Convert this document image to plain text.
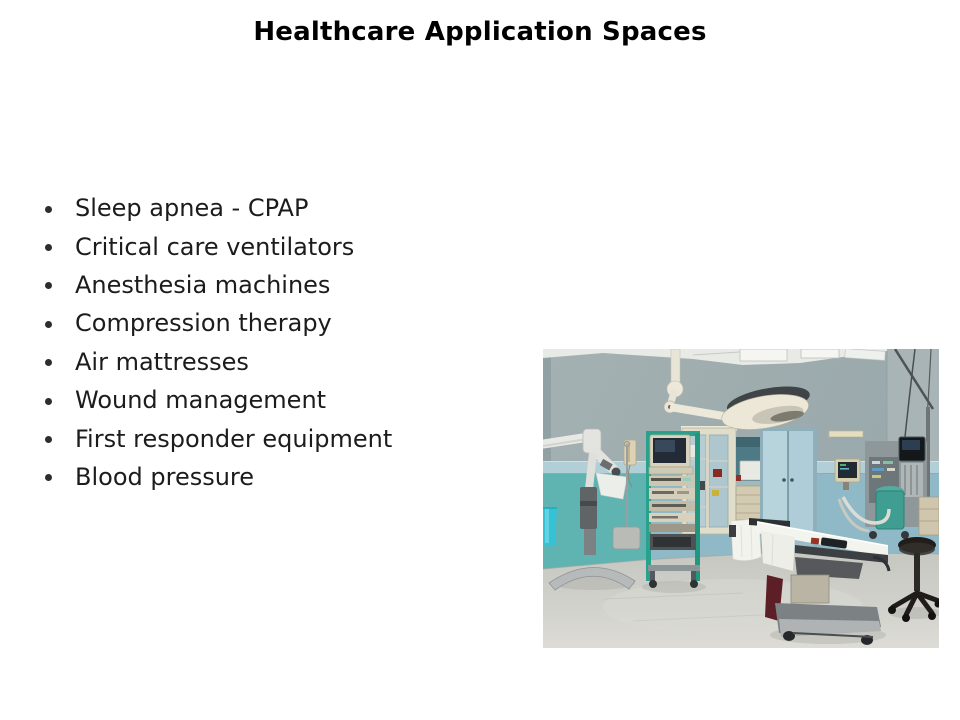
Healthcare Application Spaces
Sleep apnea - CPAP
Critical care ventilators
Anesthesia machines
Compression therapy
Air mattresses
Wound management
First responder equipment
Blood pressure
